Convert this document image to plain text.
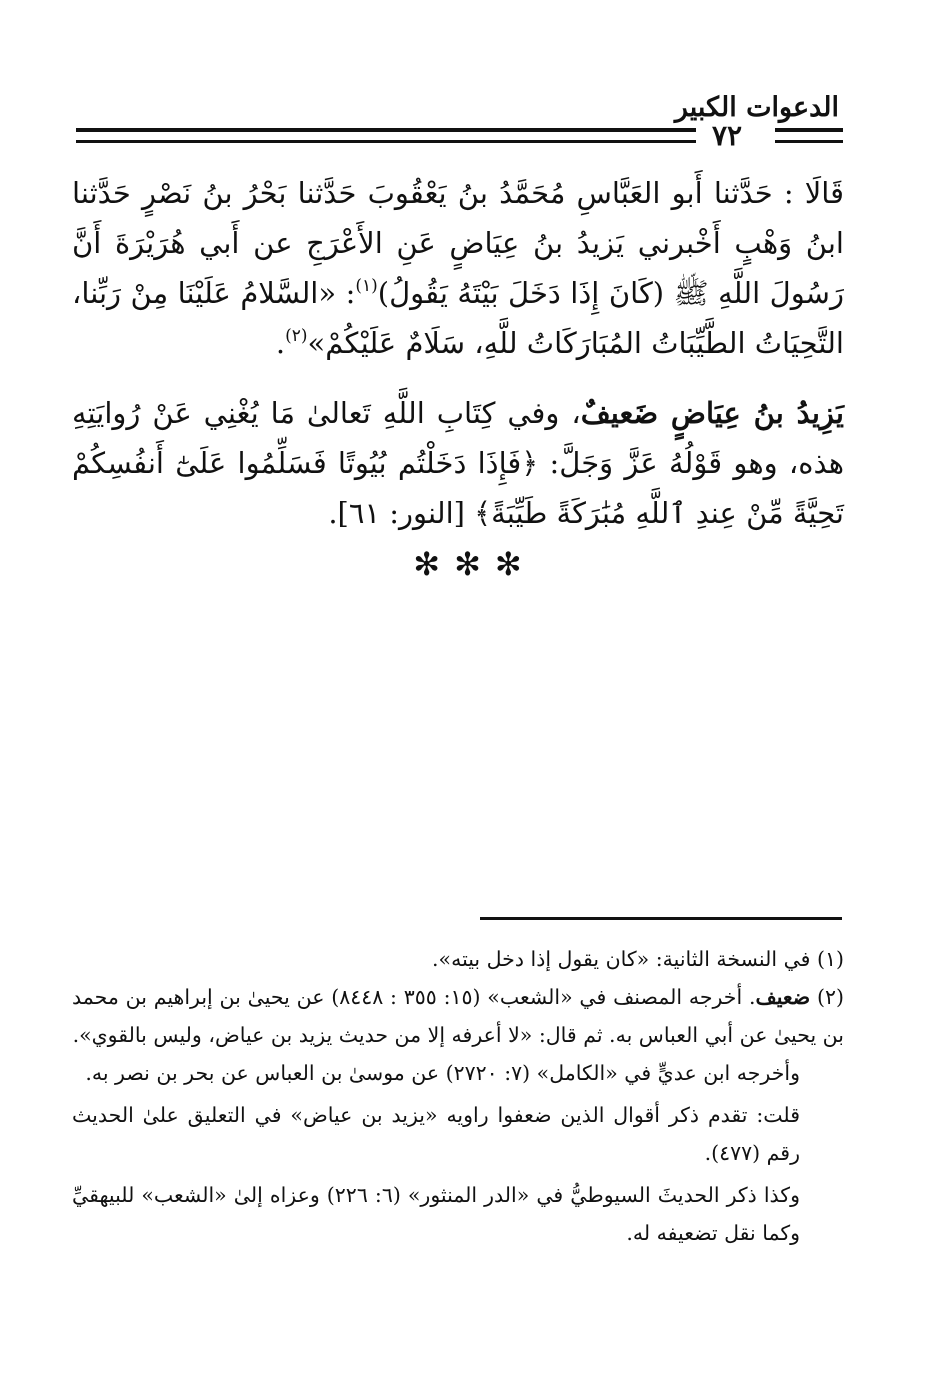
الدعوات الكبير
٧٢

قَالَا : حَدَّثنا أَبو العَبَّاسِ مُحَمَّدُ بنُ يَعْقُوبَ حَدَّثنا بَحْرُ بنُ نَصْرٍ حَدَّثنا ابنُ وَهْبٍ أَخْبرني يَزيدُ بنُ عِيَاضٍ عَنِ الأَعْرَجِ عن أَبي هُرَيْرَةَ أَنَّ رَسُولَ اللَّهِ ﷺ (كَانَ إِذَا دَخَلَ بَيْتَهُ يَقُولُ)$^{(١)}$: «السَّلامُ عَلَيْنَا مِنْ رَبِّنا، التَّحِيَاتُ الطَّيِّبَاتُ المُبَارَكَاتُ للَّهِ، سَلَامٌ عَلَيْكُمْ»$^{(٢)}$.

يَزِيدُ بنُ عِيَاضٍ ضَعيفٌ، وفي كِتَابِ اللَّهِ تَعالىٰ مَا يُغْنِي عَنْ رُوايَتِهِ هذه، وهو قَوْلُهُ عَزَّ وَجَلَّ: ﴿فَإِذَا دَخَلْتُم بُيُوتًا فَسَلِّمُوا عَلَىٰٓ أَنفُسِكُمْ تَحِيَّةً مِّنْ عِندِ ٱللَّهِ مُبَٰرَكَةً طَيِّبَةً﴾ [النور: ٦١].

✻✻✻

(١) في النسخة الثانية: «كان يقول إذا دخل بيته».

(٢) ضعيف. أخرجه المصنف في «الشعب» (١٥: ٣٥٥ : ٨٤٤٨) عن يحيىٰ بن إبراهيم بن محمد بن يحيىٰ عن أبي العباس به. ثم قال: «لا أعرفه إلا من حديث يزيد بن عياض، وليس بالقوي».

وأخرجه ابن عديٍّ في «الكامل» (٧: ٢٧٢٠) عن موسىٰ بن العباس عن بحر بن نصر به.

قلت: تقدم ذكر أقوال الذين ضعفوا راويه «يزيد بن عياض» في التعليق علىٰ الحديث رقم (٤٧٧).

وكذا ذكر الحديثَ السيوطيُّ في «الدر المنثور» (٦: ٢٢٦) وعزاه إلىٰ «الشعب» للبيهقيِّ وكما نقل تضعيفه له.
